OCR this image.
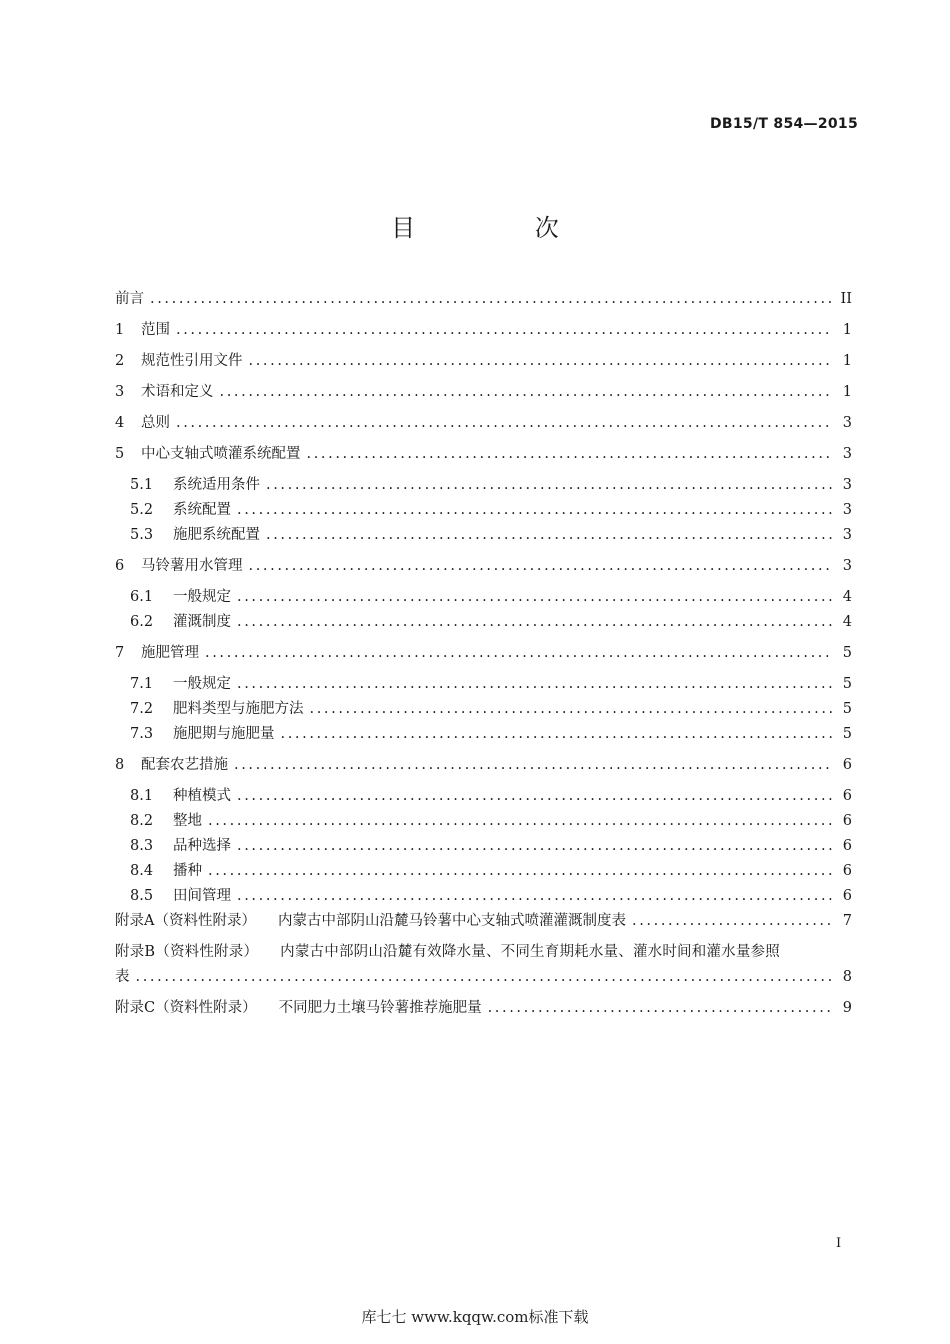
DB15/T 854—2015
目 次
前言 .....	II
1	范围 .....	1
2	规范性引用文件 .....	1
3	术语和定义 .....	1
4	总则 .....	3
5	中心支轴式喷灌系统配置 .....	3
5.1	系统适用条件 .....	3
5.2	系统配置 .....	3
5.3	施肥系统配置 .....	3
6	马铃薯用水管理 .....	3
6.1	一般规定 .....	4
6.2	灌溉制度 .....	4
7	施肥管理 .....	5
7.1	一般规定 .....	5
7.2	肥料类型与施肥方法 .....	5
7.3	施肥期与施肥量 .....	5
8	配套农艺措施 .....	6
8.1	种植模式 .....	6
8.2	整地 .....	6
8.3	品种选择 .....	6
8.4	播种 .....	6
8.5	田间管理 .....	6
附录A（资料性附录） 内蒙古中部阴山沿麓马铃薯中心支轴式喷灌灌溉制度表 .....	7
附录B（资料性附录） 内蒙古中部阴山沿麓有效降水量、不同生育期耗水量、灌水时间和灌水量参照
表 .....	8
附录C（资料性附录） 不同肥力土壤马铃薯推荐施肥量 .....	9
I
库七七 www.kqqw.com标准下载
